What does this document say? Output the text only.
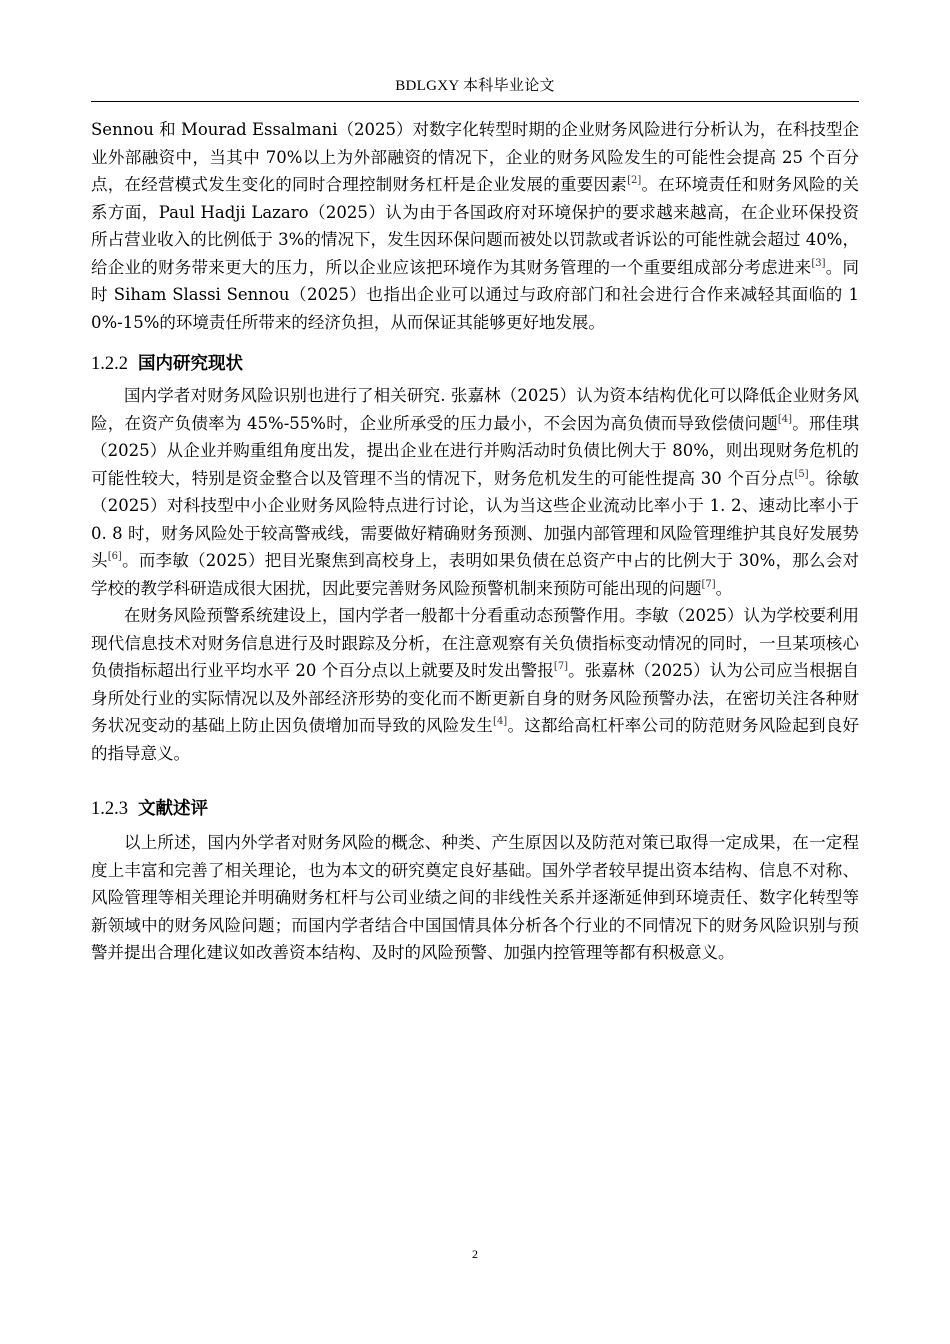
BDLGXY 本科毕业论文

Sennou 和 Mourad Essalmani（2025）对数字化转型时期的企业财务风险进行分析认为，在科技型企业外部融资中，当其中 70%以上为外部融资的情况下，企业的财务风险发生的可能性会提高 25 个百分点，在经营模式发生变化的同时合理控制财务杠杆是企业发展的重要因素[2]。在环境责任和财务风险的关系方面，Paul Hadji Lazaro（2025）认为由于各国政府对环境保护的要求越来越高，在企业环保投资所占营业收入的比例低于 3%的情况下，发生因环保问题而被处以罚款或者诉讼的可能性就会超过 40%，给企业的财务带来更大的压力，所以企业应该把环境作为其财务管理的一个重要组成部分考虑进来[3]。同时 Siham Slassi Sennou（2025）也指出企业可以通过与政府部门和社会进行合作来减轻其面临的 10%-15%的环境责任所带来的经济负担，从而保证其能够更好地发展。

1.2.2 国内研究现状

国内学者对财务风险识别也进行了相关研究. 张嘉林（2025）认为资本结构优化可以降低企业财务风险，在资产负债率为 45%-55%时，企业所承受的压力最小，不会因为高负债而导致偿债问题[4]。邢佳琪（2025）从企业并购重组角度出发，提出企业在进行并购活动时负债比例大于 80%，则出现财务危机的可能性较大，特别是资金整合以及管理不当的情况下，财务危机发生的可能性提高 30 个百分点[5]。徐敏（2025）对科技型中小企业财务风险特点进行讨论，认为当这些企业流动比率小于 1. 2、速动比率小于 0. 8 时，财务风险处于较高警戒线，需要做好精确财务预测、加强内部管理和风险管理维护其良好发展势头[6]。而李敏（2025）把目光聚焦到高校身上，表明如果负债在总资产中占的比例大于 30%，那么会对学校的教学科研造成很大困扰，因此要完善财务风险预警机制来预防可能出现的问题[7]。

在财务风险预警系统建设上，国内学者一般都十分看重动态预警作用。李敏（2025）认为学校要利用现代信息技术对财务信息进行及时跟踪及分析，在注意观察有关负债指标变动情况的同时，一旦某项核心负债指标超出行业平均水平 20 个百分点以上就要及时发出警报[7]。张嘉林（2025）认为公司应当根据自身所处行业的实际情况以及外部经济形势的变化而不断更新自身的财务风险预警办法，在密切关注各种财务状况变动的基础上防止因负债增加而导致的风险发生[4]。这都给高杠杆率公司的防范财务风险起到良好的指导意义。

1.2.3 文献述评

以上所述，国内外学者对财务风险的概念、种类、产生原因以及防范对策已取得一定成果，在一定程度上丰富和完善了相关理论，也为本文的研究奠定良好基础。国外学者较早提出资本结构、信息不对称、风险管理等相关理论并明确财务杠杆与公司业绩之间的非线性关系并逐渐延伸到环境责任、数字化转型等新领域中的财务风险问题；而国内学者结合中国国情具体分析各个行业的不同情况下的财务风险识别与预警并提出合理化建议如改善资本结构、及时的风险预警、加强内控管理等都有积极意义。

2
